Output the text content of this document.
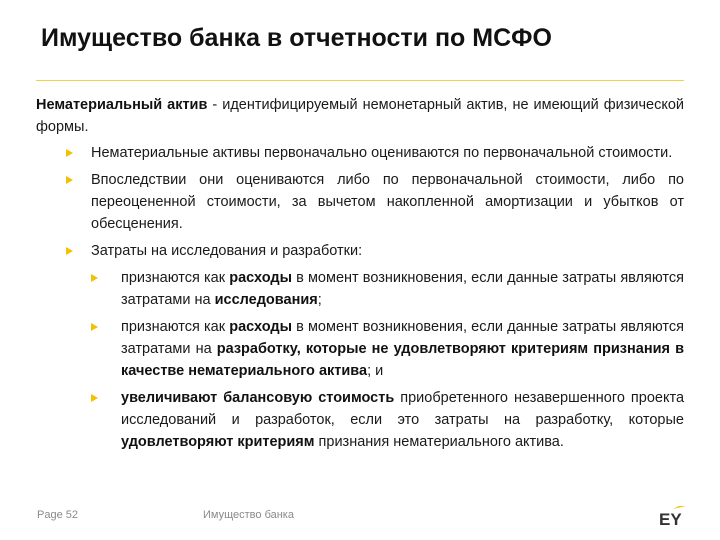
Имущество банка в отчетности по МСФО

Нематериальный актив - идентифицируемый немонетарный актив, не имеющий физической формы.

Нематериальные активы первоначально оцениваются по первоначальной стоимости.
Впоследствии они оцениваются либо по первоначальной стоимости, либо по переоцененной стоимости, за вычетом накопленной амортизации и убытков от обесценения.
Затраты на исследования и разработки:
признаются как расходы в момент возникновения, если данные затраты являются затратами на исследования;
признаются как расходы в момент возникновения, если данные затраты являются затратами на разработку, которые не удовлетворяют критериям признания в качестве нематериального актива; и
увеличивают балансовую стоимость приобретенного незавершенного проекта исследований и разработок, если это затраты на разработку, которые удовлетворяют критериям признания нематериального актива.
Page 52	Имущество банка	EY
